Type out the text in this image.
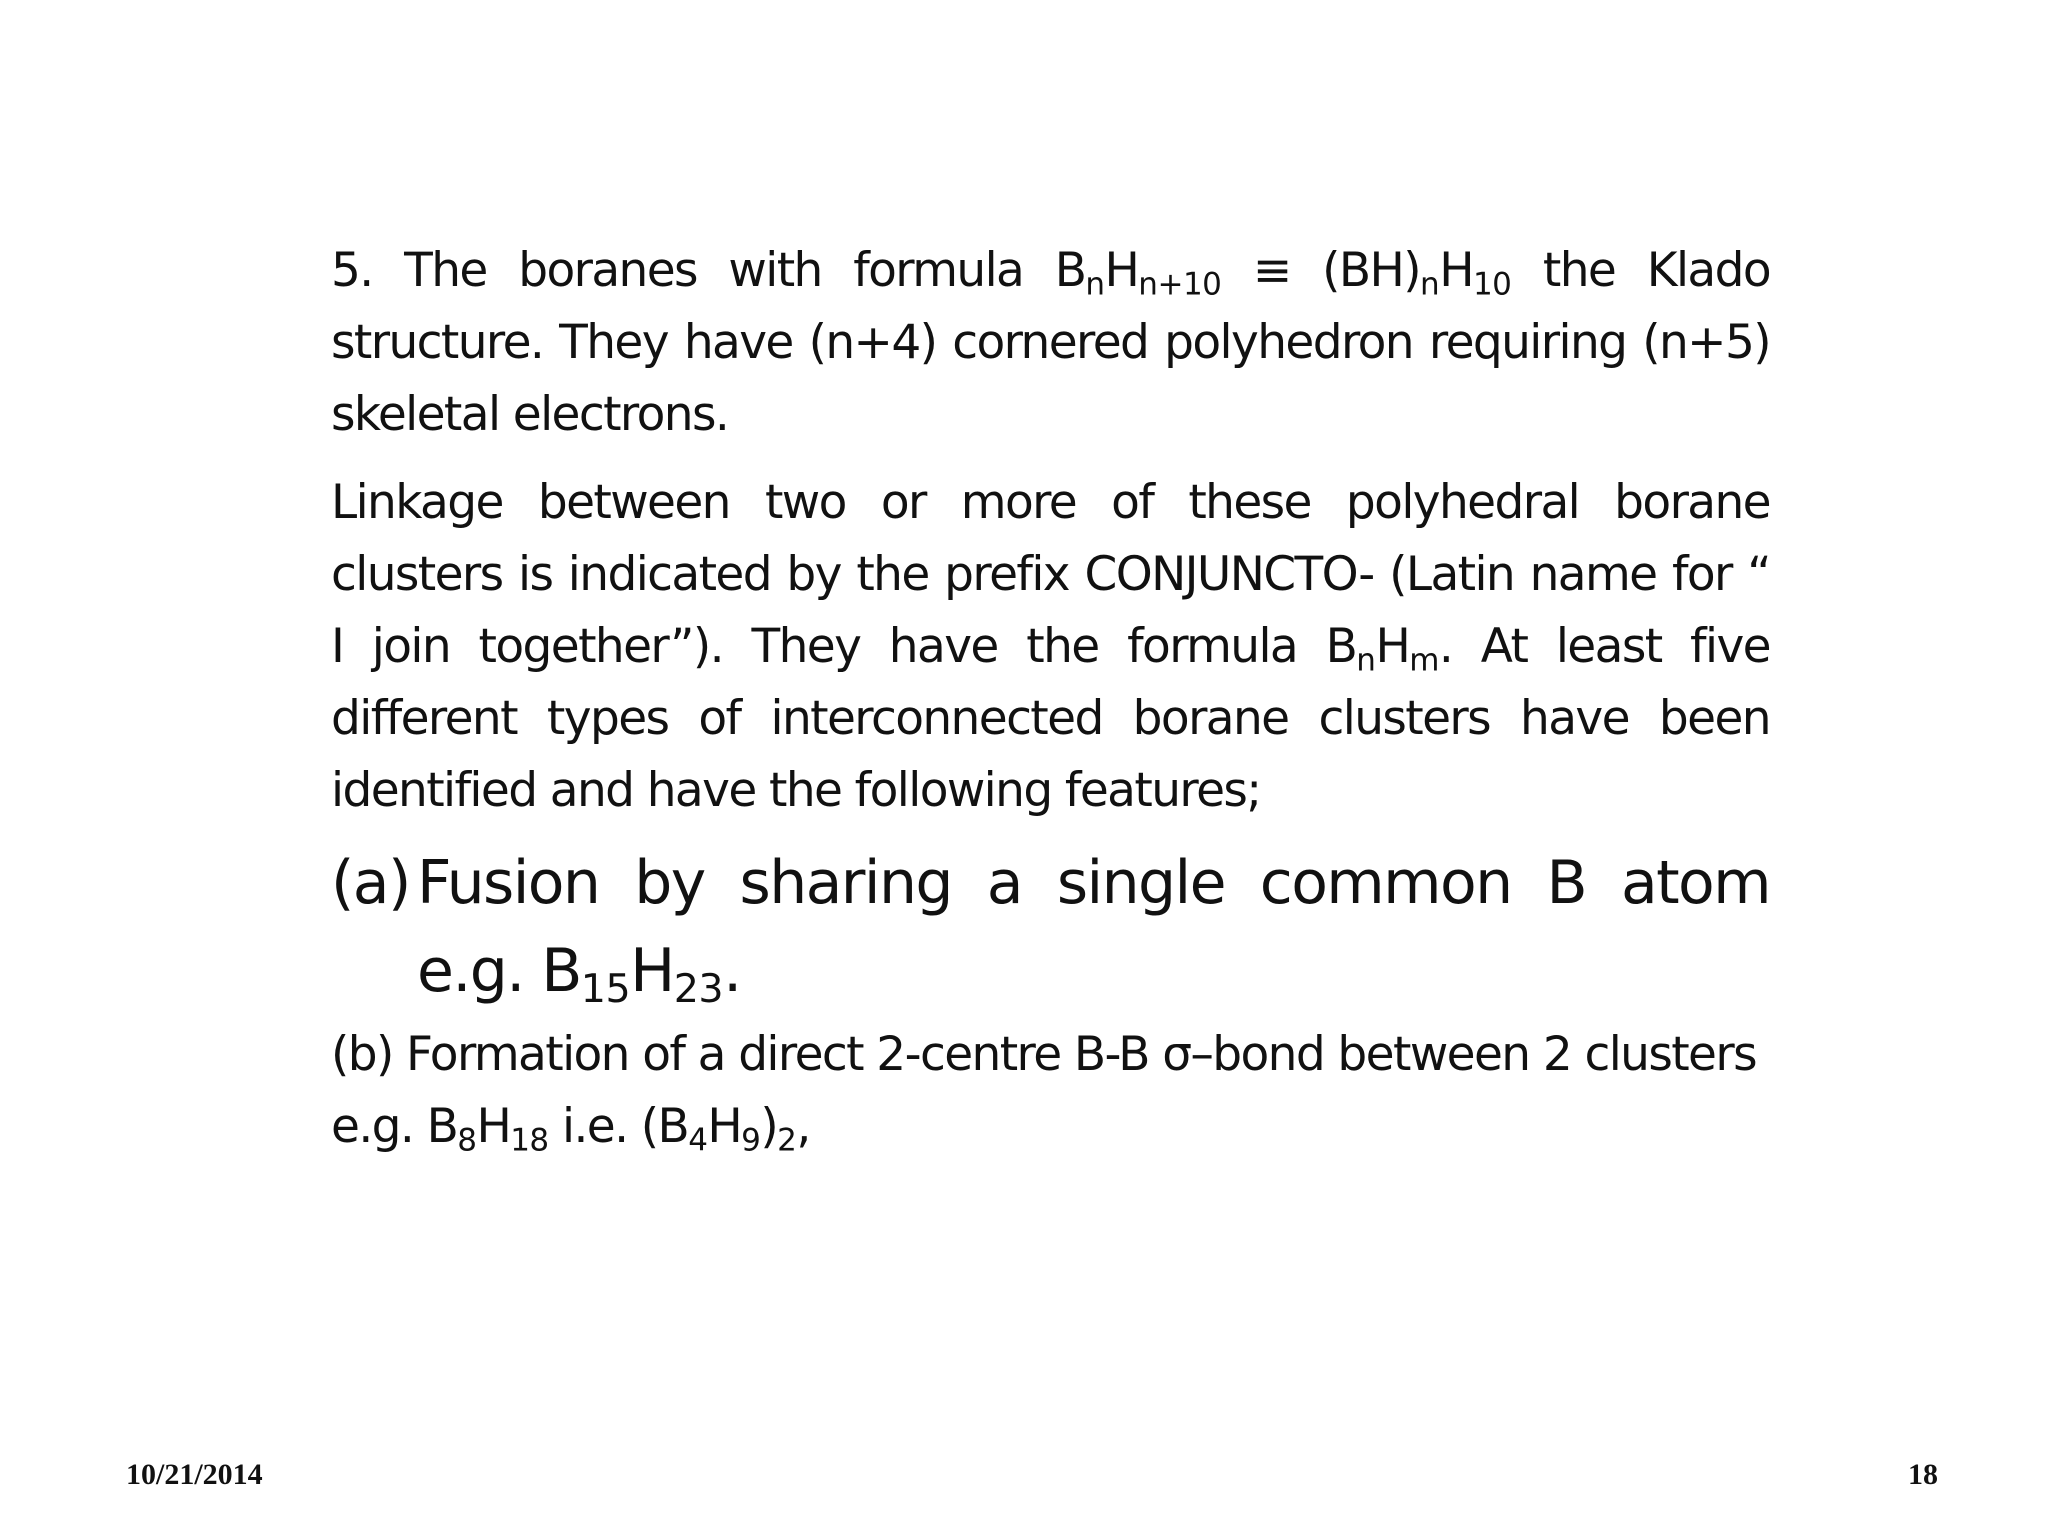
5. The boranes with formula $B_nH_{n+10} \equiv (BH)_nH_{10}$ the Klado structure. They have (n+4) cornered polyhedron requiring (n+5) skeletal electrons.

Linkage between two or more of these polyhedral borane clusters is indicated by the prefix CONJUNCTO- (Latin name for “ I join together”). They have the formula $B_nH_m$. At least five different types of interconnected borane clusters have been identified and have the following features;

(a) Fusion by sharing a single common B atom e.g. $B_{15}H_{23}$.

(b) Formation of a direct 2-centre B-B σ–bond between 2 clusters e.g. $B_8H_{18}$ i.e. $(B_4H_9)_2$,

10/21/2014	18
